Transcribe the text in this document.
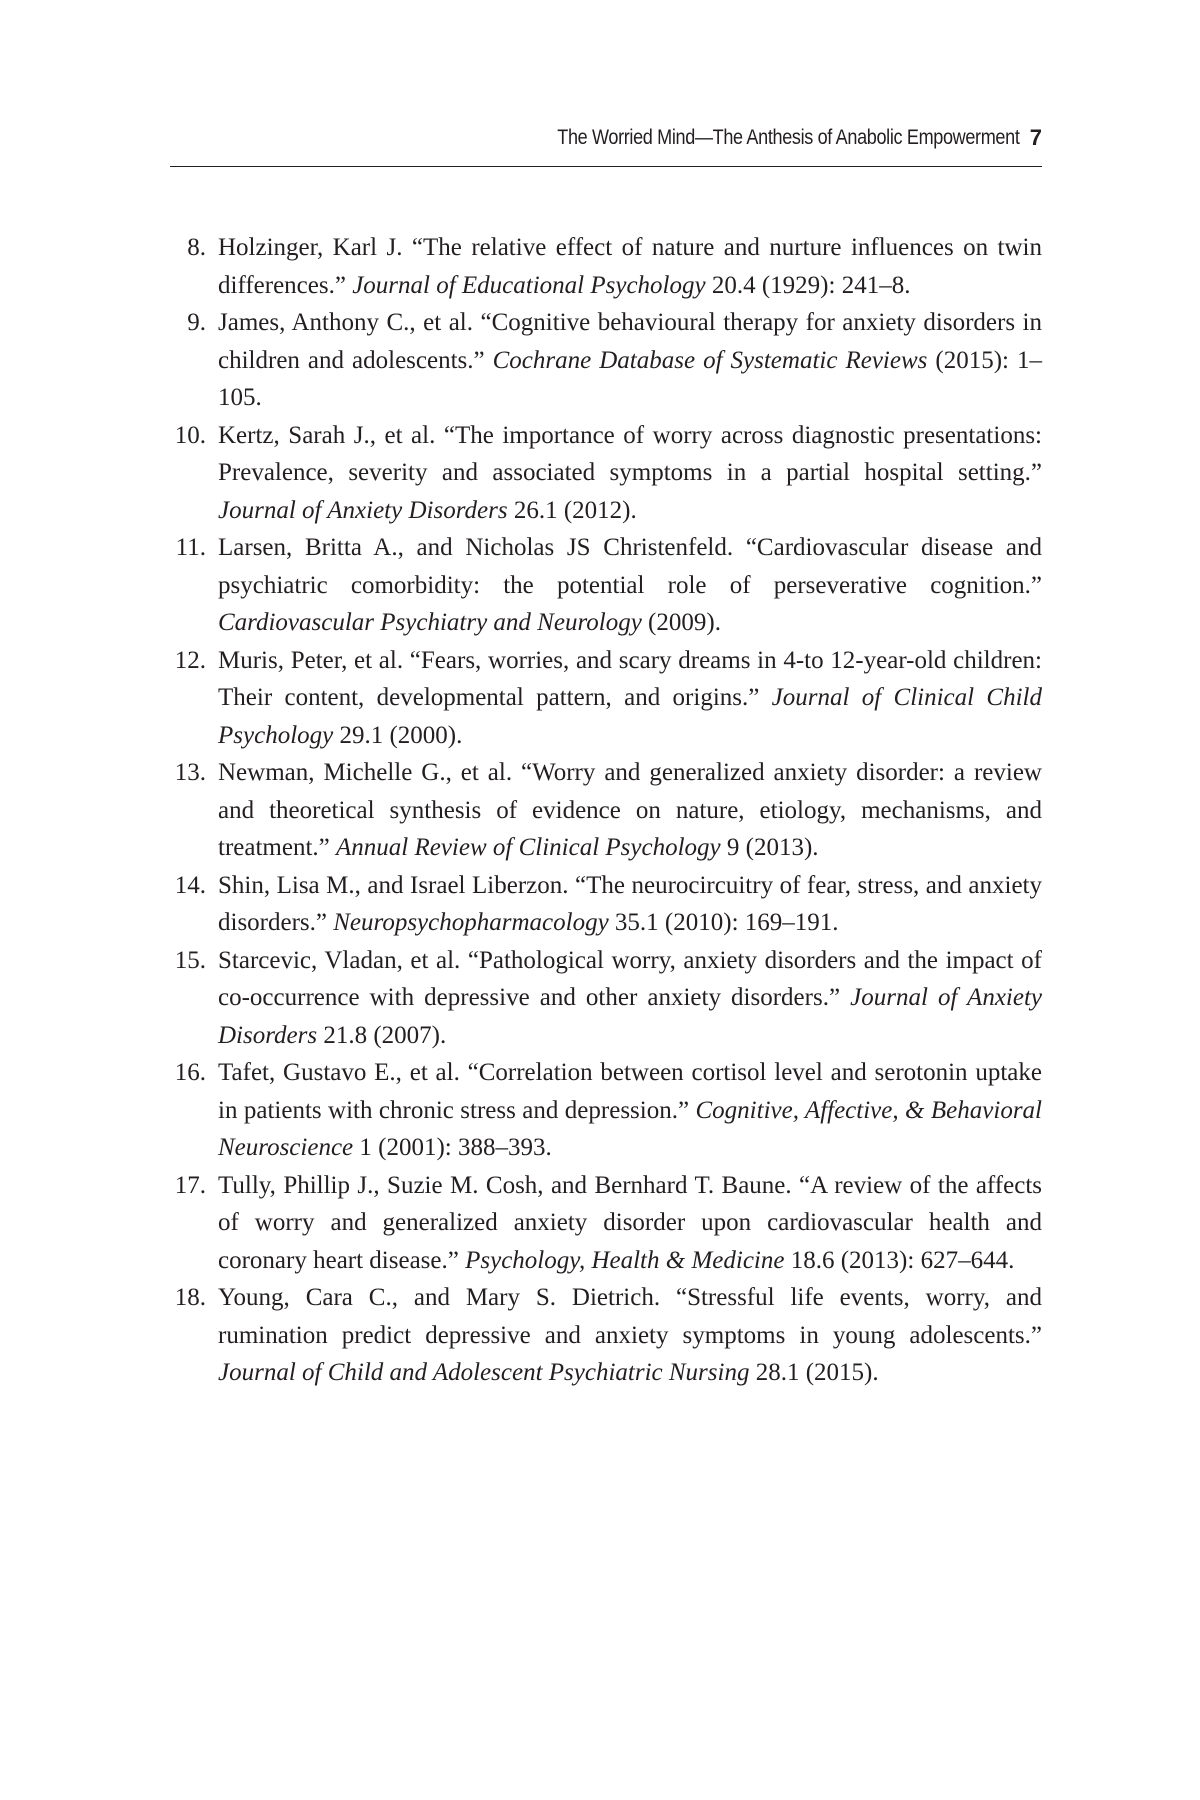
The Worried Mind—The Anthesis of Anabolic Empowerment 7
8. Holzinger, Karl J. “The relative effect of nature and nurture influences on twin differences.” Journal of Educational Psychology 20.4 (1929): 241–8.
9. James, Anthony C., et al. “Cognitive behavioural therapy for anxiety disorders in children and adolescents.” Cochrane Database of Systematic Reviews (2015): 1–105.
10. Kertz, Sarah J., et al. “The importance of worry across diagnostic presentations: Prevalence, severity and associated symptoms in a partial hospital setting.” Journal of Anxiety Disorders 26.1 (2012).
11. Larsen, Britta A., and Nicholas JS Christenfeld. “Cardiovascular disease and psychiatric comorbidity: the potential role of perseverative cognition.” Cardiovascular Psychiatry and Neurology (2009).
12. Muris, Peter, et al. “Fears, worries, and scary dreams in 4-to 12-year-old children: Their content, developmental pattern, and origins.” Journal of Clinical Child Psychology 29.1 (2000).
13. Newman, Michelle G., et al. “Worry and generalized anxiety disorder: a review and theoretical synthesis of evidence on nature, etiology, mechanisms, and treatment.” Annual Review of Clinical Psychology 9 (2013).
14. Shin, Lisa M., and Israel Liberzon. “The neurocircuitry of fear, stress, and anxiety disorders.” Neuropsychopharmacology 35.1 (2010): 169–191.
15. Starcevic, Vladan, et al. “Pathological worry, anxiety disorders and the impact of co-occurrence with depressive and other anxiety disorders.” Journal of Anxiety Disorders 21.8 (2007).
16. Tafet, Gustavo E., et al. “Correlation between cortisol level and serotonin uptake in patients with chronic stress and depression.” Cognitive, Affective, & Behavioral Neuroscience 1 (2001): 388–393.
17. Tully, Phillip J., Suzie M. Cosh, and Bernhard T. Baune. “A review of the affects of worry and generalized anxiety disorder upon cardiovascular health and coronary heart disease.” Psychology, Health & Medicine 18.6 (2013): 627–644.
18. Young, Cara C., and Mary S. Dietrich. “Stressful life events, worry, and rumination predict depressive and anxiety symptoms in young adolescents.” Journal of Child and Adolescent Psychiatric Nursing 28.1 (2015).
